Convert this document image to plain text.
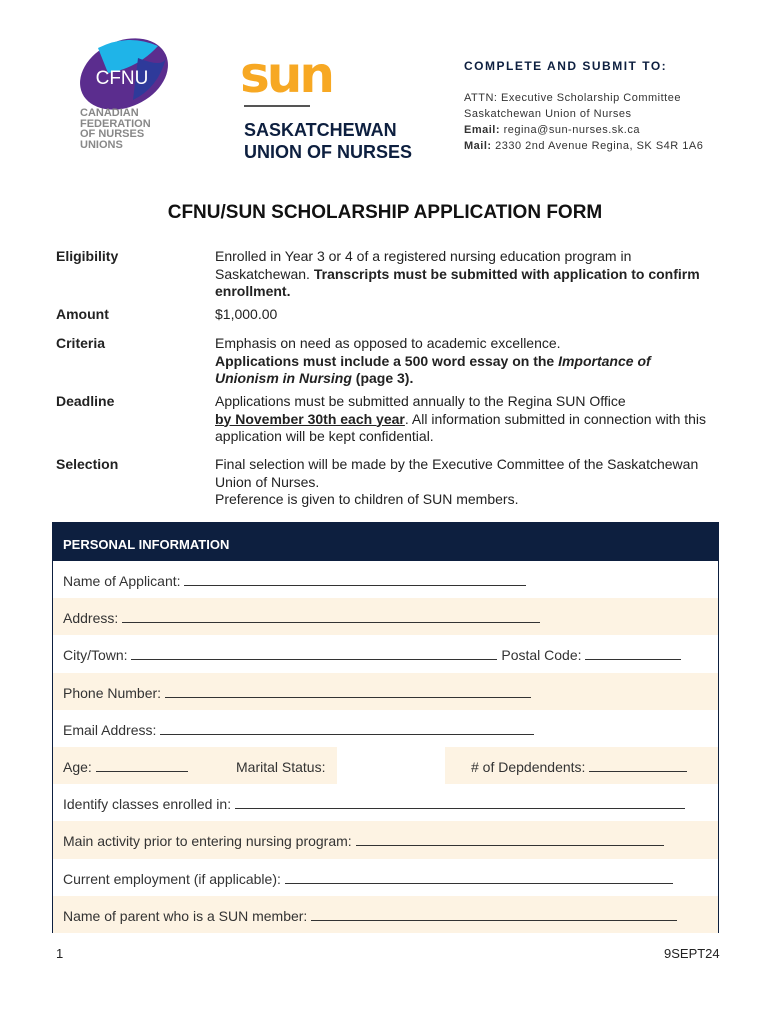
CFNU
CANADIAN
FEDERATION
OF NURSES
UNIONS
sun
SASKATCHEWAN
UNION OF NURSES
COMPLETE AND SUBMIT TO:
ATTN: Executive Scholarship Committee
Saskatchewan Union of Nurses
Email: regina@sun-nurses.sk.ca
Mail: 2330 2nd Avenue Regina, SK S4R 1A6
CFNU/SUN SCHOLARSHIP APPLICATION FORM
Eligibility	Enrolled in Year 3 or 4 of a registered nursing education program in Saskatchewan. Transcripts must be submitted with application to confirm enrollment.
Amount	$1,000.00
Criteria	Emphasis on need as opposed to academic excellence.
Applications must include a 500 word essay on the Importance of Unionism in Nursing (page 3).
Deadline	Applications must be submitted annually to the Regina SUN Office
by November 30th each year. All information submitted in connection with this application will be kept confidential.
Selection	Final selection will be made by the Executive Committee of the Saskatchewan Union of Nurses.
Preference is given to children of SUN members.
PERSONAL INFORMATION
Name of Applicant:
Address:
City/Town:	Postal Code:
Phone Number:
Email Address:
Age:	Marital Status:	# of Depdendents:
Identify classes enrolled in:
Main activity prior to entering nursing program:
Current employment (if applicable):
Name of parent who is a SUN member:
1	9SEPT24
